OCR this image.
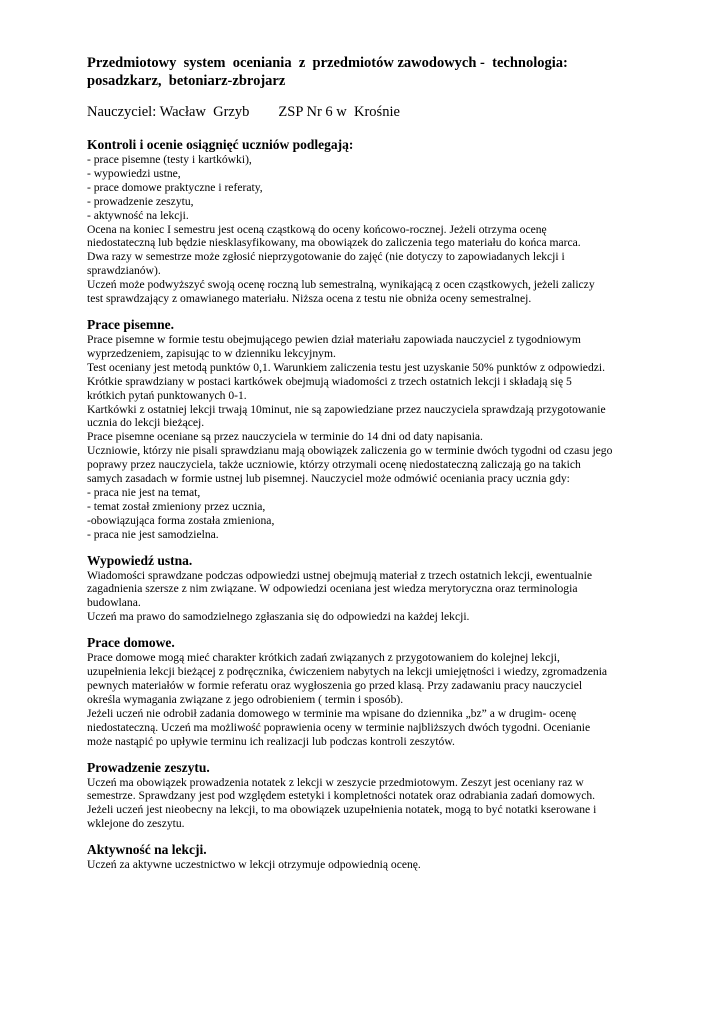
Przedmiotowy  system  oceniania  z  przedmiotów zawodowych -  technologia:

posadzkarz,  betoniarz-zbrojarz

Nauczyciel: Wacław  Grzyb        ZSP Nr 6 w  Krośnie
Kontroli i ocenie osiągnięć uczniów podlegają:

- prace pisemne (testy i kartkówki),

- wypowiedzi ustne,

- prace domowe praktyczne i referaty,

- prowadzenie zeszytu,

- aktywność na lekcji.

Ocena na koniec I semestru jest oceną cząstkową do oceny końcowo-rocznej. Jeżeli otrzyma ocenę

niedostateczną lub będzie niesklasyfikowany, ma obowiązek do zaliczenia tego materiału do końca marca.

Dwa razy w semestrze może zgłosić nieprzygotowanie do zajęć (nie dotyczy to zapowiadanych lekcji i

sprawdzianów).

Uczeń może podwyższyć swoją ocenę roczną lub semestralną, wynikającą z ocen cząstkowych, jeżeli zaliczy

test sprawdzający z omawianego materiału. Niższa ocena z testu nie obniża oceny semestralnej.

Prace pisemne.

Prace pisemne w formie testu obejmującego pewien dział materiału zapowiada nauczyciel z tygodniowym

wyprzedzeniem, zapisując to w dzienniku lekcyjnym.

Test oceniany jest metodą punktów 0,1. Warunkiem zaliczenia testu jest uzyskanie 50% punktów z odpowiedzi.

Krótkie sprawdziany w postaci kartkówek obejmują wiadomości z trzech ostatnich lekcji i składają się 5

krótkich pytań punktowanych 0-1.

Kartkówki z ostatniej lekcji trwają 10minut, nie są zapowiedziane przez nauczyciela sprawdzają przygotowanie

ucznia do lekcji bieżącej.

Prace pisemne oceniane są przez nauczyciela w terminie do 14 dni od daty napisania.

Uczniowie, którzy nie pisali sprawdzianu mają obowiązek zaliczenia go w terminie dwóch tygodni od czasu jego

poprawy przez nauczyciela, także uczniowie, którzy otrzymali ocenę niedostateczną zaliczają go na takich

samych zasadach w formie ustnej lub pisemnej. Nauczyciel może odmówić oceniania pracy ucznia gdy:

- praca nie jest na temat,

- temat został zmieniony przez ucznia,

-obowiązująca forma została zmieniona,

- praca nie jest samodzielna.

Wypowiedź ustna.

Wiadomości sprawdzane podczas odpowiedzi ustnej obejmują materiał z trzech ostatnich lekcji, ewentualnie

zagadnienia szersze z nim związane. W odpowiedzi oceniana jest wiedza merytoryczna oraz terminologia

budowlana.

Uczeń ma prawo do samodzielnego zgłaszania się do odpowiedzi na każdej lekcji.

Prace domowe.

Prace domowe mogą mieć charakter krótkich zadań związanych z przygotowaniem do kolejnej lekcji,

uzupełnienia lekcji bieżącej z podręcznika, ćwiczeniem nabytych na lekcji umiejętności i wiedzy, zgromadzenia

pewnych materiałów w formie referatu oraz wygłoszenia go przed klasą. Przy zadawaniu pracy nauczyciel

określa wymagania związane z jego odrobieniem ( termin i sposób).

Jeżeli uczeń nie odrobił zadania domowego w terminie ma wpisane do dziennika „bz” a w drugim- ocenę

niedostateczną. Uczeń ma możliwość poprawienia oceny w terminie najbliższych dwóch tygodni. Ocenianie

może nastąpić po upływie terminu ich realizacji lub podczas kontroli zeszytów.

Prowadzenie zeszytu.

Uczeń ma obowiązek prowadzenia notatek z lekcji w zeszycie przedmiotowym. Zeszyt jest oceniany raz w

semestrze. Sprawdzany jest pod względem estetyki i kompletności notatek oraz odrabiania zadań domowych.

Jeżeli uczeń jest nieobecny na lekcji, to ma obowiązek uzupełnienia notatek, mogą to być notatki kserowane i

wklejone do zeszytu.

Aktywność na lekcji.

Uczeń za aktywne uczestnictwo w lekcji otrzymuje odpowiednią ocenę.
